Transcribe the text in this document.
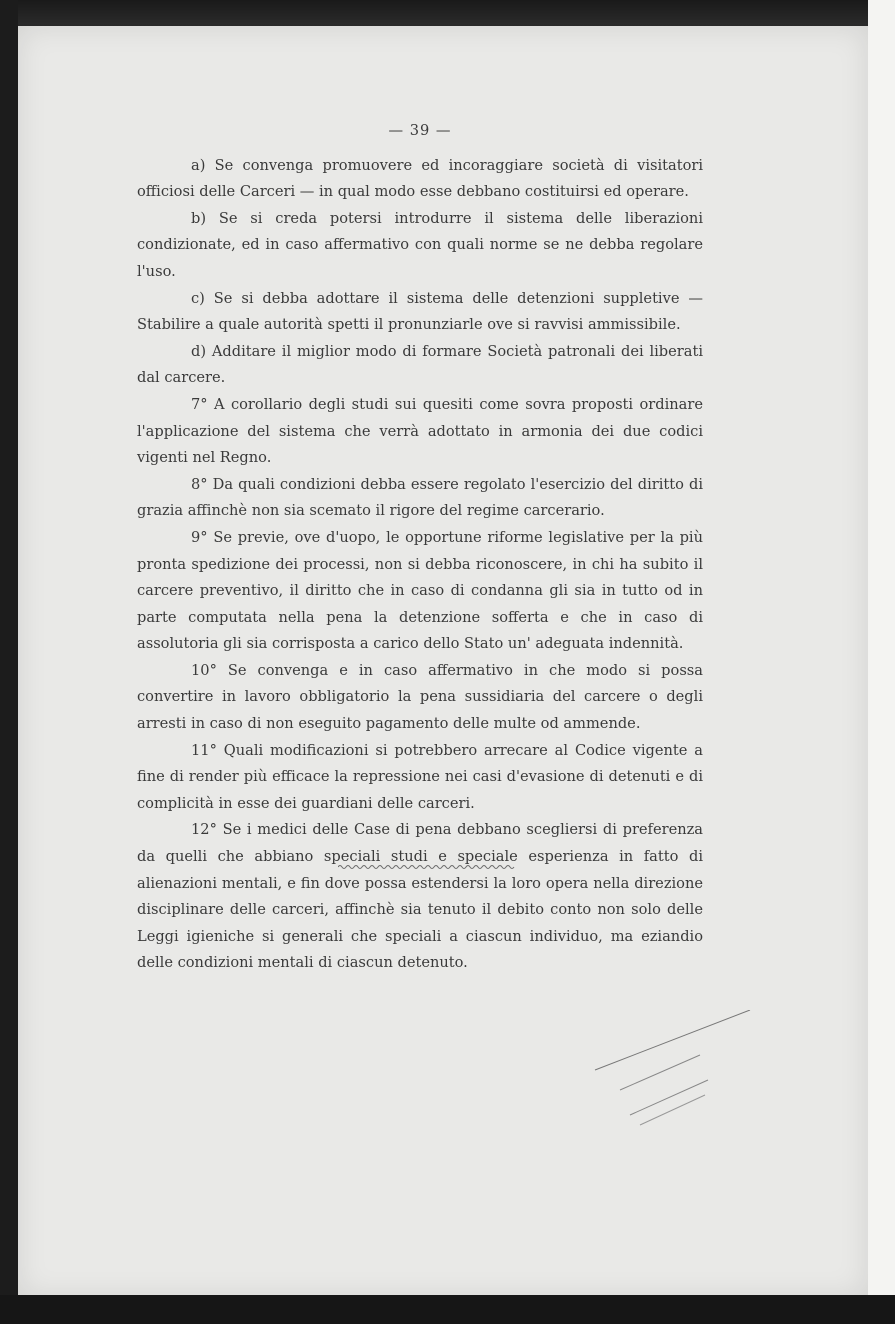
— 39 —

a) Se convenga promuovere ed incoraggiare società di visitatori officiosi delle Carceri — in qual modo esse debbano costituirsi ed operare.

b) Se si creda potersi introdurre il sistema delle liberazioni condizionate, ed in caso affermativo con quali norme se ne debba regolare l'uso.

c) Se si debba adottare il sistema delle detenzioni suppletive — Stabilire a quale autorità spetti il pronunziarle ove si ravvisi ammissibile.

d) Additare il miglior modo di formare Società patronali dei liberati dal carcere.

7° A corollario degli studi sui quesiti come sovra proposti ordinare l'applicazione del sistema che verrà adottato in armonia dei due codici vigenti nel Regno.

8° Da quali condizioni debba essere regolato l'esercizio del diritto di grazia affinchè non sia scemato il rigore del regime carcerario.

9° Se previe, ove d'uopo, le opportune riforme legislative per la più pronta spedizione dei processi, non si debba riconoscere, in chi ha subito il carcere preventivo, il diritto che in caso di condanna gli sia in tutto od in parte computata nella pena la detenzione sofferta e che in caso di assolutoria gli sia corrisposta a carico dello Stato un' adeguata indennità.

10° Se convenga e in caso affermativo in che modo si possa convertire in lavoro obbligatorio la pena sussidiaria del carcere o degli arresti in caso di non eseguito pagamento delle multe od ammende.

11° Quali modificazioni si potrebbero arrecare al Codice vigente a fine di render più efficace la repressione nei casi d'evasione di detenuti e di complicità in esse dei guardiani delle carceri.

12° Se i medici delle Case di pena debbano scegliersi di preferenza da quelli che abbiano speciali studi e speciale esperienza in fatto di alienazioni mentali, e fin dove possa estendersi la loro opera nella direzione disciplinare delle carceri, affinchè sia tenuto il debito conto non solo delle Leggi igieniche si generali che speciali a ciascun individuo, ma eziandio delle condizioni mentali di ciascun detenuto.
